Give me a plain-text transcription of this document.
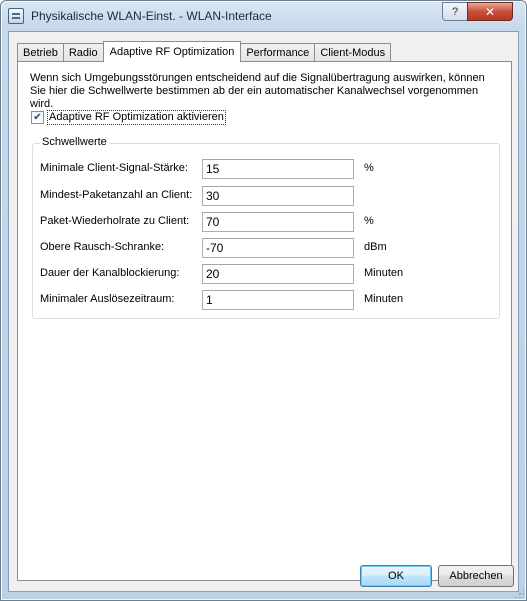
Physikalische WLAN-Einst. - WLAN-Interface	?	✕
Betrieb	Radio	Adaptive RF Optimization	Performance	Client-Modus
Wenn sich Umgebungsstörungen entscheidend auf die Signalübertragung auswirken, können Sie hier die Schwellwerte bestimmen ab der ein automatischer Kanalwechsel vorgenommen wird.
✔ Adaptive RF Optimization aktivieren
Schwellwerte
Minimale Client-Signal-Stärke:
15	%
Mindest-Paketanzahl an Client:
30
Paket-Wiederholrate zu Client:
70	%
Obere Rausch-Schranke:
-70	dBm
Dauer der Kanalblockierung:
20	Minuten
Minimaler Auslösezeitraum:
1	Minuten
OK	Abbrechen
